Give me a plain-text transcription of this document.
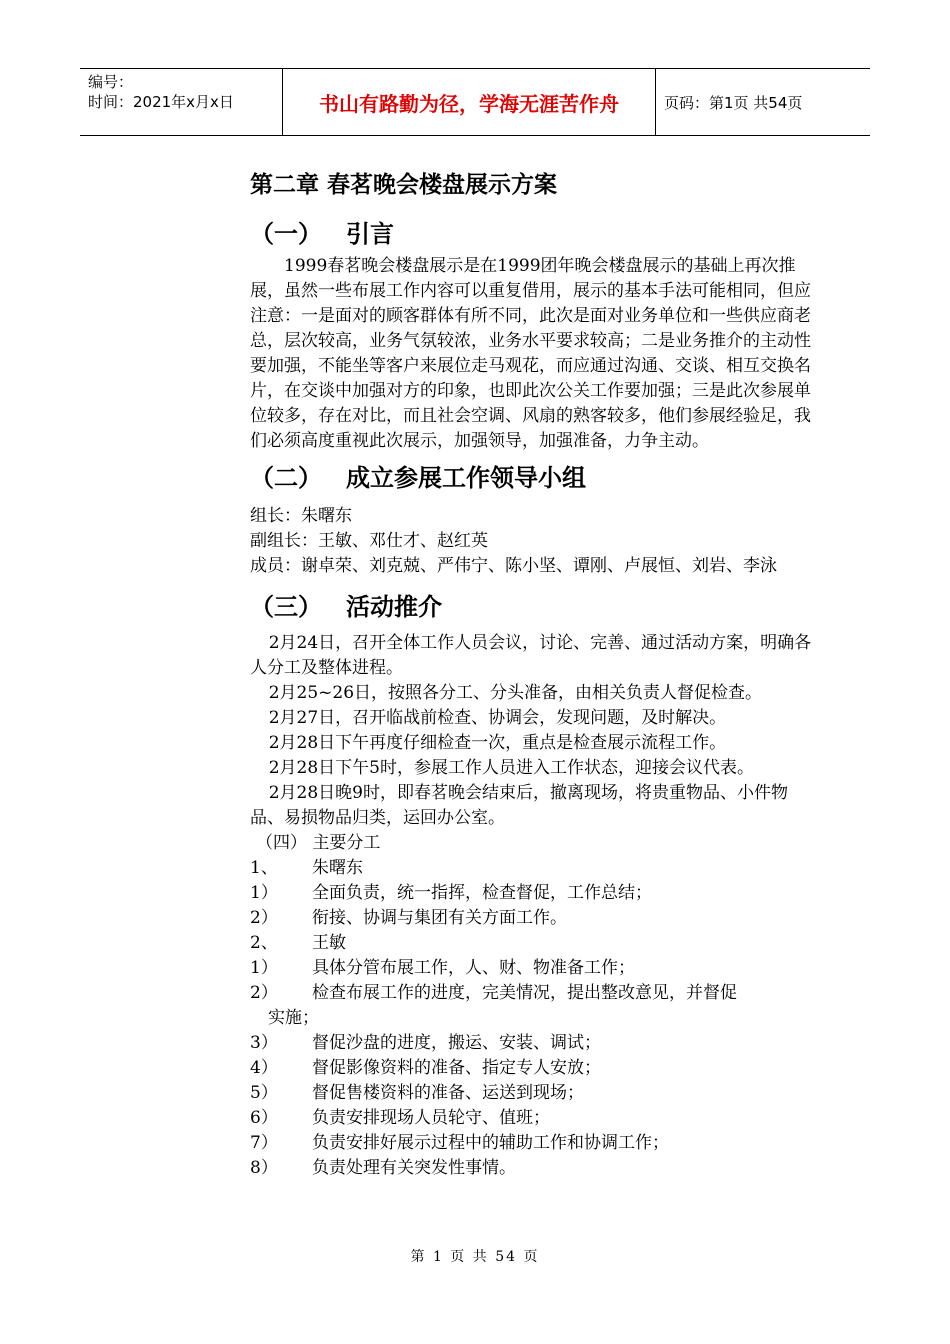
编号：
时间：2021年x月x日	书山有路勤为径，学海无涯苦作舟	页码：第1页 共54页
第二章 春茗晚会楼盘展示方案
（一） 引言

1999春茗晚会楼盘展示是在1999团年晚会楼盘展示的基础上再次推展，虽然一些布展工作内容可以重复借用，展示的基本手法可能相同，但应注意：一是面对的顾客群体有所不同，此次是面对业务单位和一些供应商老总，层次较高，业务气氛较浓，业务水平要求较高；二是业务推介的主动性要加强，不能坐等客户来展位走马观花，而应通过沟通、交谈、相互交换名片，在交谈中加强对方的印象，也即此次公关工作要加强；三是此次参展单位较多，存在对比，而且社会空调、风扇的熟客较多，他们参展经验足，我们必须高度重视此次展示，加强领导，加强准备，力争主动。

（二） 成立参展工作领导小组

组长：朱曙东

副组长：王敏、邓仕才、赵红英

成员：谢卓荣、刘克兢、严伟宁、陈小坚、谭刚、卢展恒、刘岩、李泳

（三） 活动推介

2月24日，召开全体工作人员会议，讨论、完善、通过活动方案，明确各人分工及整体进程。

2月25~26日，按照各分工、分头准备，由相关负责人督促检查。

2月27日，召开临战前检查、协调会，发现问题，及时解决。

2月28日下午再度仔细检查一次，重点是检查展示流程工作。

2月28日下午5时，参展工作人员进入工作状态，迎接会议代表。

2月28日晚9时，即春茗晚会结束后，撤离现场，将贵重物品、小件物品、易损物品归类，运回办公室。

（四） 主要分工

1、	朱曙东
1）	全面负责，统一指挥，检查督促，工作总结；
2）	衔接、协调与集团有关方面工作。
2、	王敏
1）	具体分管布展工作，人、财、物准备工作；
2）	检查布展工作的进度，完美情况，提出整改意见，并督促
实施；
3）	督促沙盘的进度，搬运、安装、调试；
4）	督促影像资料的准备、指定专人安放；
5）	督促售楼资料的准备、运送到现场；
6）	负责安排现场人员轮守、值班；
7）	负责安排好展示过程中的辅助工作和协调工作；
8）	负责处理有关突发性事情。
第 1 页 共 54 页
